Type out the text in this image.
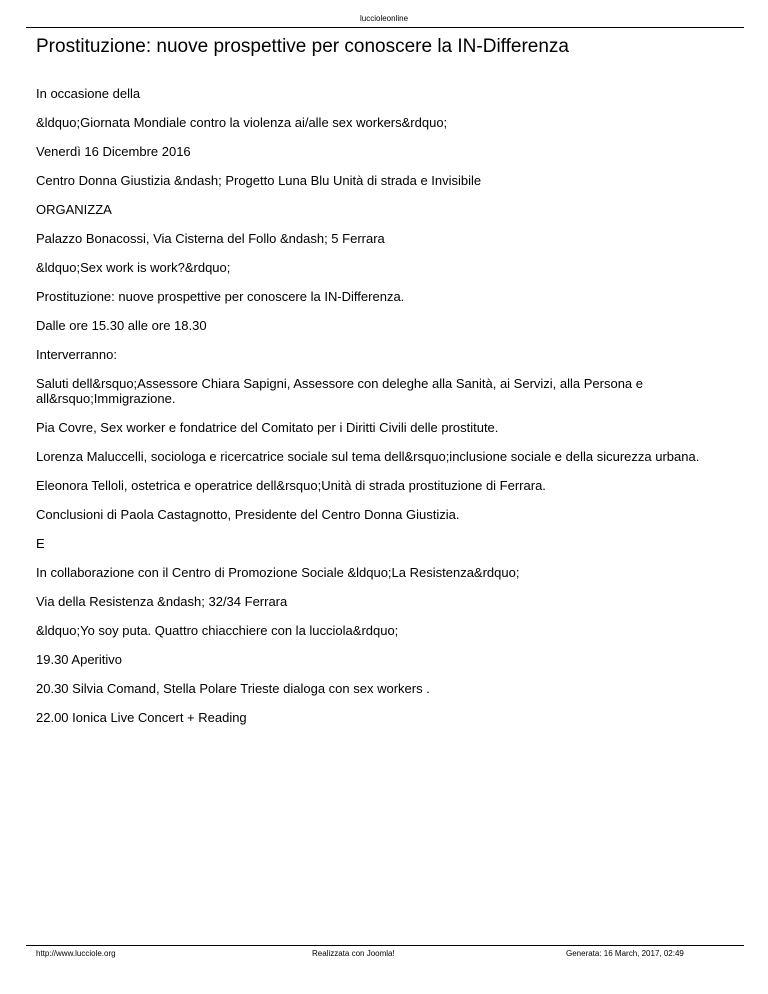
luccioleonline
Prostituzione: nuove prospettive per conoscere la IN-Differenza

In occasione della

&ldquo;Giornata Mondiale contro la violenza ai/alle sex workers&rdquo;

Venerdì 16 Dicembre 2016

Centro Donna Giustizia &ndash; Progetto Luna Blu Unità di strada e Invisibile

ORGANIZZA

Palazzo Bonacossi, Via Cisterna del Follo &ndash; 5 Ferrara

&ldquo;Sex work is work?&rdquo;

Prostituzione: nuove prospettive per conoscere la IN-Differenza.

Dalle ore 15.30 alle ore 18.30

Interverranno:

Saluti dell&rsquo;Assessore Chiara Sapigni, Assessore con deleghe alla Sanità, ai Servizi, alla Persona e all&rsquo;Immigrazione.

Pia Covre, Sex worker e fondatrice del Comitato per i Diritti Civili delle prostitute.

Lorenza Maluccelli, sociologa e ricercatrice sociale sul tema dell&rsquo;inclusione sociale e della sicurezza urbana.

Eleonora Telloli, ostetrica e operatrice dell&rsquo;Unità di strada prostituzione di Ferrara.

Conclusioni di Paola Castagnotto, Presidente del Centro Donna Giustizia.

E

In collaborazione con il Centro di Promozione Sociale &ldquo;La Resistenza&rdquo;

Via della Resistenza &ndash; 32/34 Ferrara

&ldquo;Yo soy puta. Quattro chiacchiere con la lucciola&rdquo;

19.30 Aperitivo

20.30 Silvia Comand, Stella Polare Trieste dialoga con sex workers .

22.00 Ionica Live Concert + Reading

http://www.lucciole.org	Realizzata con Joomla!	Generata: 16 March, 2017, 02:49
